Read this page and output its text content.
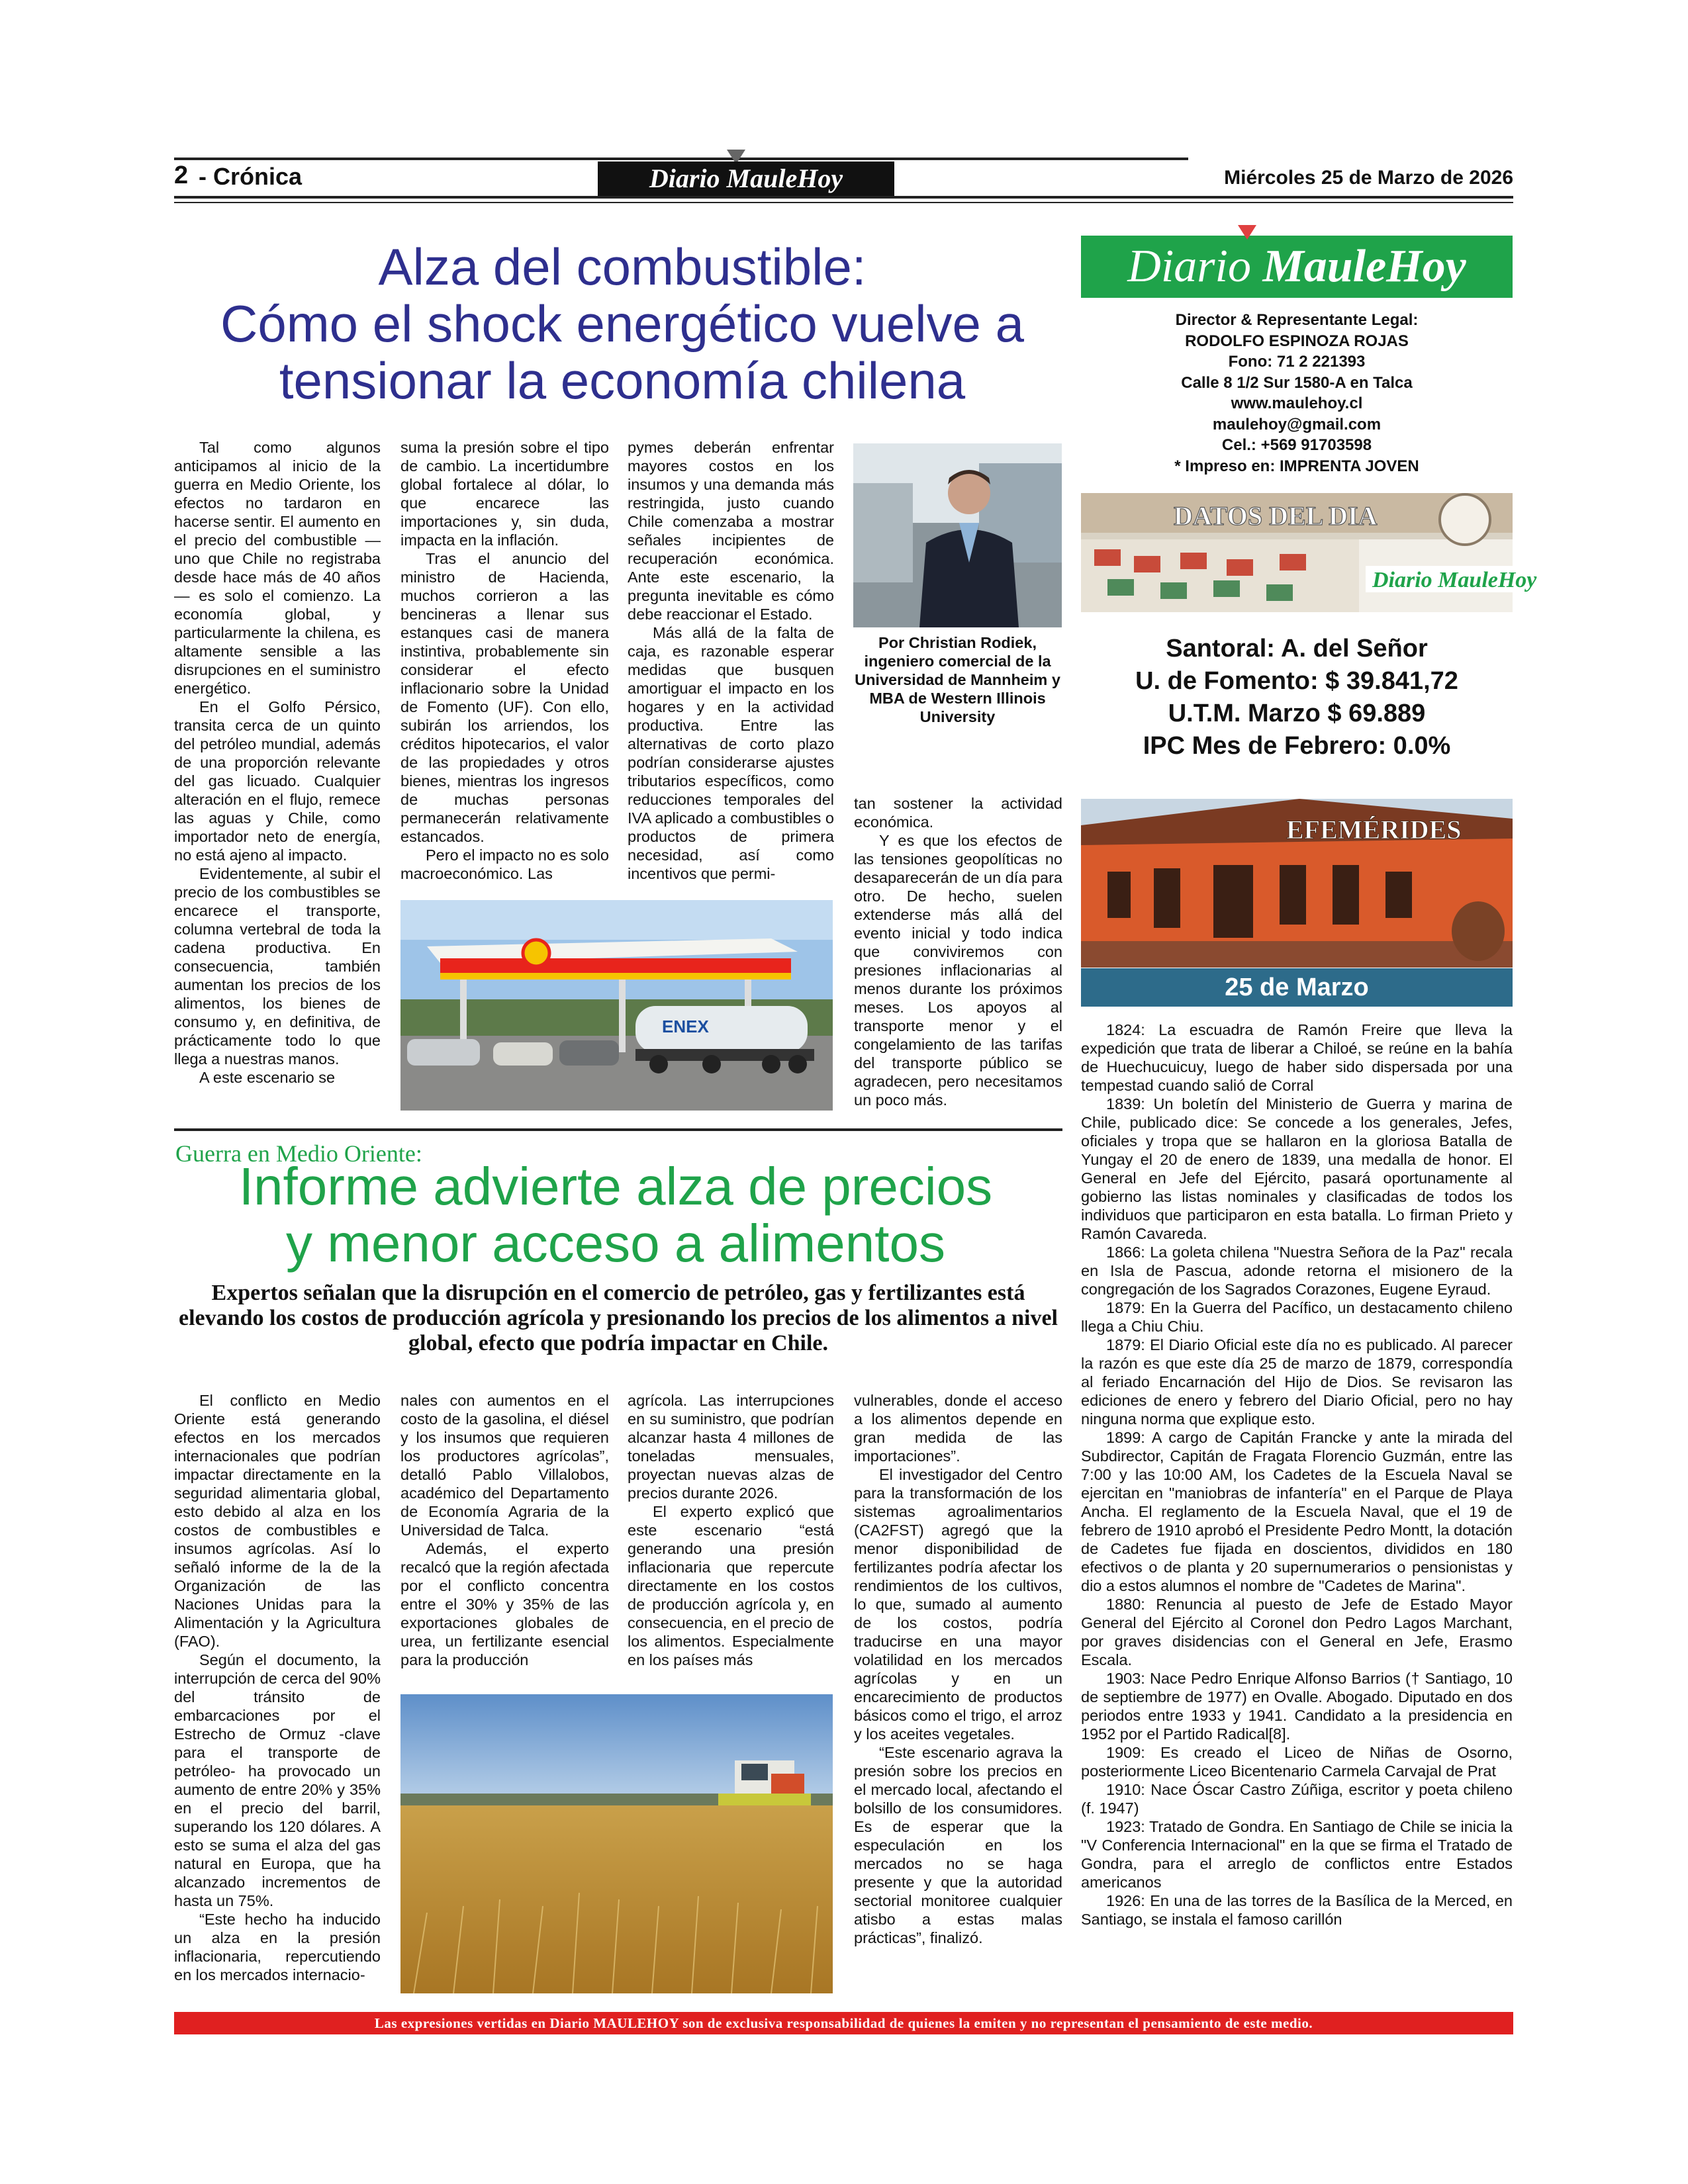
2 - Crónica	Diario MauleHoy	Miércoles 25 de Marzo de 2026
Alza del combustible:
Cómo el shock energético vuelve a
tensionar la economía chilena

Tal como algunos anticipamos al inicio de la guerra en Medio Oriente, los efectos no tardaron en hacerse sentir. El aumento en el precio del combustible —uno que Chile no registraba desde hace más de 40 años— es solo el comienzo. La economía global, y particularmente la chilena, es altamente sensible a las disrupciones en el suministro energético.

En el Golfo Pérsico, transita cerca de un quinto del petróleo mundial, además de una proporción relevante del gas licuado. Cualquier alteración en el flujo, remece las aguas y Chile, como importador neto de energía, no está ajeno al impacto.

Evidentemente, al subir el precio de los combustibles se encarece el transporte, columna vertebral de toda la cadena productiva. En consecuencia, también aumentan los precios de los alimentos, los bienes de consumo y, en definitiva, de prácticamente todo lo que llega a nuestras manos.

A este escenario se

suma la presión sobre el tipo de cambio. La incertidumbre global fortalece al dólar, lo que encarece las importaciones y, sin duda, impacta en la inflación.

Tras el anuncio del ministro de Hacienda, muchos corrieron a las bencineras a llenar sus estanques casi de manera instintiva, probablemente sin considerar el efecto inflacionario sobre la Unidad de Fomento (UF). Con ello, subirán los arriendos, los créditos hipotecarios, el valor de las propiedades y otros bienes, mientras los ingresos de muchas personas permanecerán relativamente estancados.

Pero el impacto no es solo macroeconómico. Las

pymes deberán enfrentar mayores costos en los insumos y una demanda más restringida, justo cuando Chile comenzaba a mostrar señales incipientes de recuperación económica. Ante este escenario, la pregunta inevitable es cómo debe reaccionar el Estado.

Más allá de la falta de caja, es razonable esperar medidas que busquen amortiguar el impacto en los hogares y en la actividad productiva. Entre las alternativas de corto plazo podrían considerarse ajustes tributarios específicos, como reducciones temporales del IVA aplicado a combustibles o productos de primera necesidad, así como incentivos que permi-

tan sostener la actividad económica.

Y es que los efectos de las tensiones geopolíticas no desaparecerán de un día para otro. De hecho, suelen extenderse más allá del evento inicial y todo indica que conviviremos con presiones inflacionarias al menos durante los próximos meses. Los apoyos al transporte menor y el congelamiento de las tarifas del transporte público se agradecen, pero necesitamos un poco más.

Por Christian Rodiek, ingeniero comercial de la Universidad de Mannheim y MBA de Western Illinois University
ENEX
Guerra en Medio Oriente:
Informe advierte alza de precios
y menor acceso a alimentos
Expertos señalan que la disrupción en el comercio de petróleo, gas y fertilizantes está elevando los costos de producción agrícola y presionando los precios de los alimentos a nivel global, efecto que podría impactar en Chile.

El conflicto en Medio Oriente está generando efectos en los mercados internacionales que podrían impactar directamente en la seguridad alimentaria global, esto debido al alza en los costos de combustibles e insumos agrícolas. Así lo señaló informe de la de la Organización de las Naciones Unidas para la Alimentación y la Agricultura (FAO).

Según el documento, la interrupción de cerca del 90% del tránsito de embarcaciones por el Estrecho de Ormuz -clave para el transporte de petróleo- ha provocado un aumento de entre 20% y 35% en el precio del barril, superando los 120 dólares. A esto se suma el alza del gas natural en Europa, que ha alcanzado incrementos de hasta un 75%.

“Este hecho ha inducido un alza en la presión inflacionaria, repercutiendo en los mercados internacio-

nales con aumentos en el costo de la gasolina, el diésel y los insumos que requieren los productores agrícolas”, detalló Pablo Villalobos, académico del Departamento de Economía Agraria de la Universidad de Talca.

Además, el experto recalcó que la región afectada por el conflicto concentra entre el 30% y 35% de las exportaciones globales de urea, un fertilizante esencial para la producción

agrícola. Las interrupciones en su suministro, que podrían alcanzar hasta 4 millones de toneladas mensuales, proyectan nuevas alzas de precios durante 2026.

El experto explicó que este escenario “está generando una presión inflacionaria que repercute directamente en los costos de producción agrícola y, en consecuencia, en el precio de los alimentos. Especialmente en los países más

vulnerables, donde el acceso a los alimentos depende en gran medida de las importaciones”.

El investigador del Centro para la transformación de los sistemas agroalimentarios (CA2FST) agregó que la menor disponibilidad de fertilizantes podría afectar los rendimientos de los cultivos, lo que, sumado al aumento de los costos, podría traducirse en una mayor volatilidad en los mercados agrícolas y en un encarecimiento de productos básicos como el trigo, el arroz y los aceites vegetales.

“Este escenario agrava la presión sobre los precios en el mercado local, afectando el bolsillo de los consumidores. Es de esperar que la especulación en los mercados no se haga presente y que la autoridad sectorial monitoree cualquier atisbo a estas malas prácticas”, finalizó.

Diario MauleHoy
Director & Representante Legal:
RODOLFO ESPINOZA ROJAS
Fono: 71 2 221393
Calle 8 1/2 Sur 1580-A en Talca
www.maulehoy.cl
maulehoy@gmail.com
Cel.: +569 91703598
* Impreso en: IMPRENTA JOVEN
Diario MauleHoy
DATOS DEL DIA
Santoral: A. del Señor
U. de Fomento: $ 39.841,72
U.T.M. Marzo $ 69.889
IPC Mes de Febrero: 0.0%
EFEMÉRIDES
25 de Marzo

1824: La escuadra de Ramón Freire que lleva la expedición que trata de liberar a Chiloé, se reúne en la bahía de Huechucuicuy, luego de haber sido dispersada por una tempestad cuando salió de Corral

1839: Un boletín del Ministerio de Guerra y marina de Chile, publicado dice: Se concede a los generales, Jefes, oficiales y tropa que se hallaron en la gloriosa Batalla de Yungay el 20 de enero de 1839, una medalla de honor. El General en Jefe del Ejército, pasará oportunamente al gobierno las listas nominales y clasificadas de todos los individuos que participaron en esta batalla. Lo firman Prieto y Ramón Cavareda.

1866: La goleta chilena "Nuestra Señora de la Paz" recala en Isla de Pascua, adonde retorna el misionero de la congregación de los Sagrados Corazones, Eugene Eyraud.

1879: En la Guerra del Pacífico, un destacamento chileno llega a Chiu Chiu.

1879: El Diario Oficial este día no es publicado. Al parecer la razón es que este día 25 de marzo de 1879, correspondía al feriado Encarnación del Hijo de Dios. Se revisaron las ediciones de enero y febrero del Diario Oficial, pero no hay ninguna norma que explique esto.

1899: A cargo de Capitán Francke y ante la mirada del Subdirector, Capitán de Fragata Florencio Guzmán, entre las 7:00 y las 10:00 AM, los Cadetes de la Escuela Naval se ejercitan en "maniobras de infantería" en el Parque de Playa Ancha. El reglamento de la Escuela Naval, que el 19 de febrero de 1910 aprobó el Presidente Pedro Montt, la dotación de Cadetes fue fijada en doscientos, divididos en 180 efectivos o de planta y 20 supernumerarios o pensionistas y dio a estos alumnos el nombre de "Cadetes de Marina".

1880: Renuncia al puesto de Jefe de Estado Mayor General del Ejército al Coronel don Pedro Lagos Marchant, por graves disidencias con el General en Jefe, Erasmo Escala.

1903: Nace Pedro Enrique Alfonso Barrios († Santiago, 10 de septiembre de 1977) en Ovalle. Abogado. Diputado en dos periodos entre 1933 y 1941. Candidato a la presidencia en 1952 por el Partido Radical[8].

1909: Es creado el Liceo de Niñas de Osorno, posteriormente Liceo Bicentenario Carmela Carvajal de Prat

1910: Nace Óscar Castro Zúñiga, escritor y poeta chileno (f. 1947)

1923: Tratado de Gondra. En Santiago de Chile se inicia la "V Conferencia Internacional" en la que se firma el Tratado de Gondra, para el arreglo de conflictos entre Estados americanos

1926: En una de las torres de la Basílica de la Merced, en Santiago, se instala el famoso carillón

Las expresiones vertidas en Diario MAULEHOY son de exclusiva responsabilidad de quienes la emiten y no representan el pensamiento de este medio.
